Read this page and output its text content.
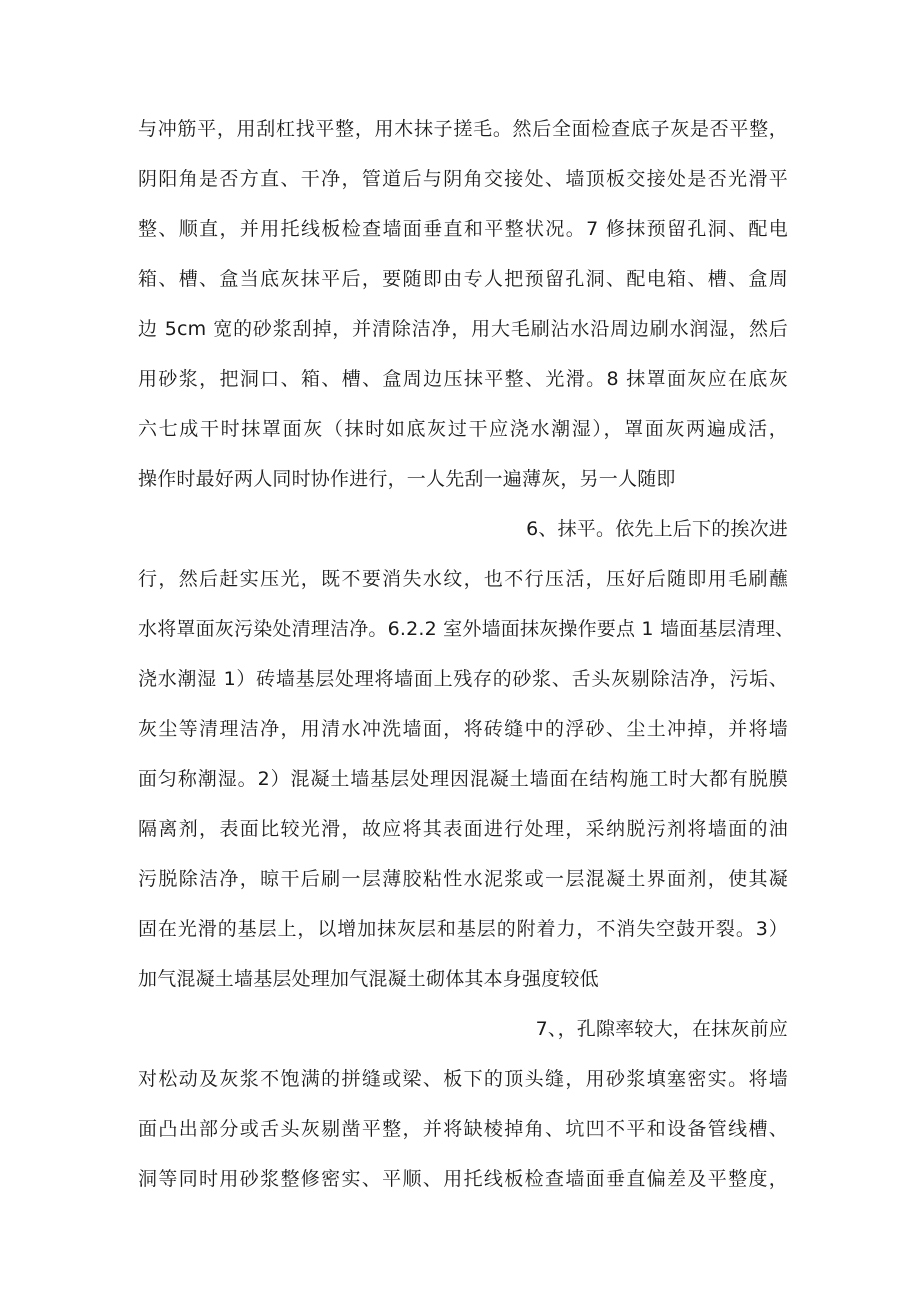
与冲筋平，用刮杠找平整，用木抹子搓毛。然后全面检查底子灰是否平整，
阴阳角是否方直、干净，管道后与阴角交接处、墙顶板交接处是否光滑平
整、顺直，并用托线板检查墙面垂直和平整状况。7 修抹预留孔洞、配电
箱、槽、盒当底灰抹平后，要随即由专人把预留孔洞、配电箱、槽、盒周
边 5cm 宽的砂浆刮掉，并清除洁净，用大毛刷沾水沿周边刷水润湿，然后
用砂浆，把洞口、箱、槽、盒周边压抹平整、光滑。8 抹罩面灰应在底灰
六七成干时抹罩面灰（抹时如底灰过干应浇水潮湿），罩面灰两遍成活，
操作时最好两人同时协作进行，一人先刮一遍薄灰，另一人随即
6、抹平。依先上后下的挨次进
行，然后赶实压光，既不要消失水纹，也不行压活，压好后随即用毛刷蘸
水将罩面灰污染处清理洁净。6.2.2 室外墙面抹灰操作要点 1 墙面基层清理、
浇水潮湿 1）砖墙基层处理将墙面上残存的砂浆、舌头灰剔除洁净，污垢、
灰尘等清理洁净，用清水冲洗墙面，将砖缝中的浮砂、尘土冲掉，并将墙
面匀称潮湿。2）混凝土墙基层处理因混凝土墙面在结构施工时大都有脱膜
隔离剂，表面比较光滑，故应将其表面进行处理，采纳脱污剂将墙面的油
污脱除洁净，晾干后刷一层薄胶粘性水泥浆或一层混凝土界面剂，使其凝
固在光滑的基层上，以增加抹灰层和基层的附着力，不消失空鼓开裂。3）
加气混凝土墙基层处理加气混凝土砌体其本身强度较低
7、，孔隙率较大，在抹灰前应
对松动及灰浆不饱满的拼缝或梁、板下的顶头缝，用砂浆填塞密实。将墙
面凸出部分或舌头灰剔凿平整，并将缺棱掉角、坑凹不平和设备管线槽、
洞等同时用砂浆整修密实、平顺、用托线板检查墙面垂直偏差及平整度，
